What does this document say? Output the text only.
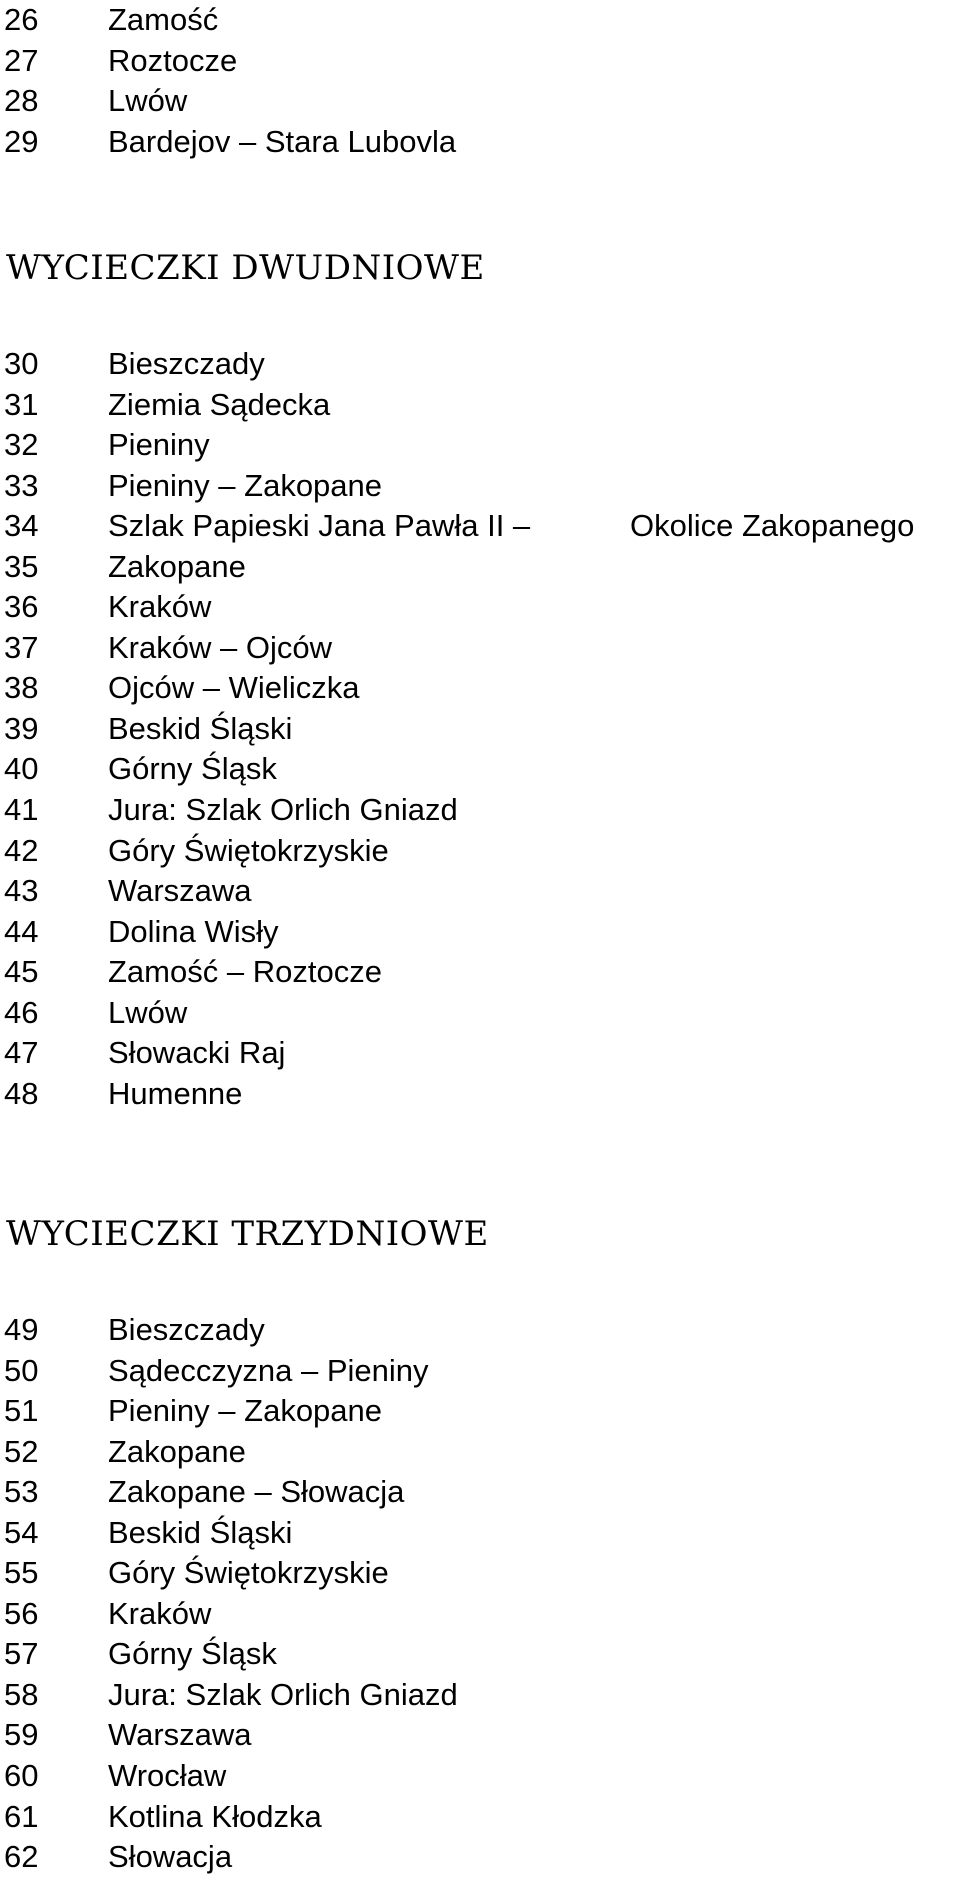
26 Zamość
27 Roztocze
28 Lwów
29 Bardejov – Stara Lubovla
WYCIECZKI DWUDNIOWE
30 Bieszczady
31 Ziemia Sądecka
32 Pieniny
33 Pieniny – Zakopane
34 Szlak Papieski Jana Pawła II –	Okolice Zakopanego
35 Zakopane
36 Kraków
37 Kraków – Ojców
38 Ojców – Wieliczka
39 Beskid Śląski
40 Górny Śląsk
41 Jura: Szlak Orlich Gniazd
42 Góry Świętokrzyskie
43 Warszawa
44 Dolina Wisły
45 Zamość – Roztocze
46 Lwów
47 Słowacki Raj
48 Humenne
WYCIECZKI TRZYDNIOWE
49 Bieszczady
50 Sądecczyzna – Pieniny
51 Pieniny – Zakopane
52 Zakopane
53 Zakopane – Słowacja
54 Beskid Śląski
55 Góry Świętokrzyskie
56 Kraków
57 Górny Śląsk
58 Jura: Szlak Orlich Gniazd
59 Warszawa
60 Wrocław
61 Kotlina Kłodzka
62 Słowacja
